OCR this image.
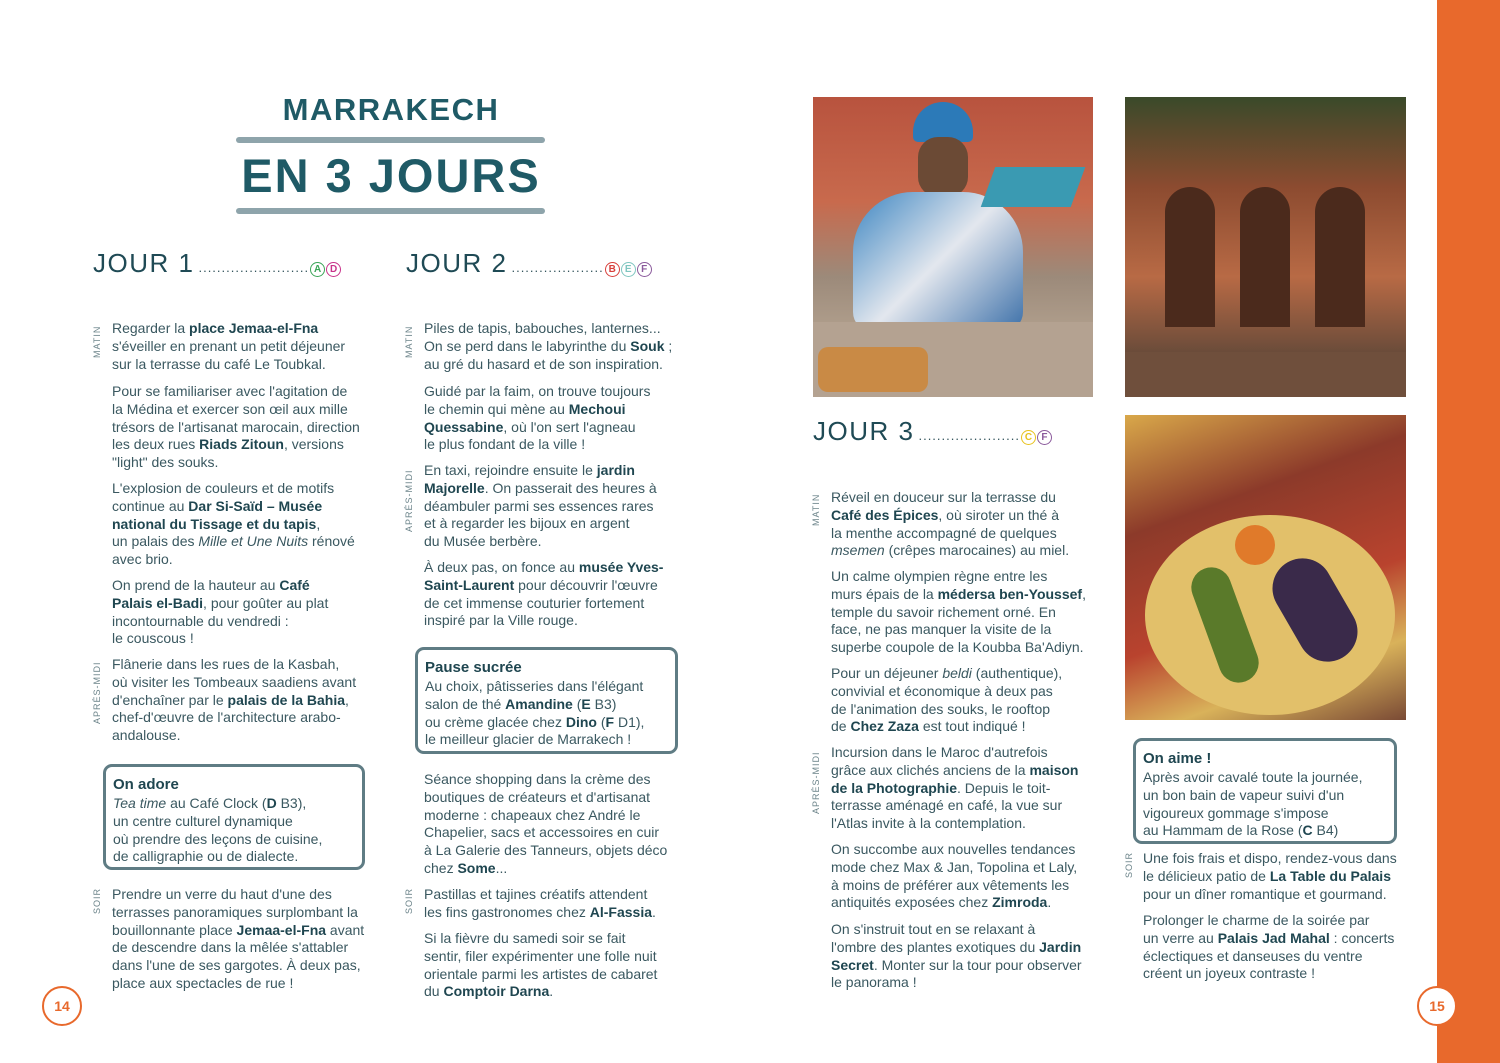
MARRAKECH
EN 3 JOURS
JOUR 1 ........................ A D	JOUR 2 .................... B E F
JOUR 3 ...................... C F
MATIN Regarder la place Jemaa-el-Fna
s'éveiller en prenant un petit déjeuner
sur la terrasse du café Le Toubkal.
Pour se familiariser avec l'agitation de
la Médina et exercer son œil aux mille
trésors de l'artisanat marocain, direction
les deux rues Riads Zitoun, versions
"light" des souks.
L'explosion de couleurs et de motifs
continue au Dar Si-Saïd – Musée
national du Tissage et du tapis,
un palais des Mille et Une Nuits rénové
avec brio.
On prend de la hauteur au Café
Palais el-Badi, pour goûter au plat
incontournable du vendredi :
le couscous !
APRÈS-MIDI Flânerie dans les rues de la Kasbah,
où visiter les Tombeaux saadiens avant
d'enchaîner par le palais de la Bahia,
chef-d'œuvre de l'architecture arabo-
andalouse.
On adore
Tea time au Café Clock (D B3),
un centre culturel dynamique
où prendre des leçons de cuisine,
de calligraphie ou de dialecte.
SOIR Prendre un verre du haut d'une des
terrasses panoramiques surplombant la
bouillonnante place Jemaa-el-Fna avant
de descendre dans la mêlée s'attabler
dans l'une de ses gargotes. À deux pas,
place aux spectacles de rue !
MATIN Piles de tapis, babouches, lanternes...
On se perd dans le labyrinthe du Souk ;
au gré du hasard et de son inspiration.
Guidé par la faim, on trouve toujours
le chemin qui mène au Mechoui
Quessabine, où l'on sert l'agneau
le plus fondant de la ville !
APRÈS-MIDI En taxi, rejoindre ensuite le jardin
Majorelle. On passerait des heures à
déambuler parmi ses essences rares
et à regarder les bijoux en argent
du Musée berbère.
À deux pas, on fonce au musée Yves-
Saint-Laurent pour découvrir l'œuvre
de cet immense couturier fortement
inspiré par la Ville rouge.
Pause sucrée
Au choix, pâtisseries dans l'élégant
salon de thé Amandine (E B3)
ou crème glacée chez Dino (F D1),
le meilleur glacier de Marrakech !
Séance shopping dans la crème des
boutiques de créateurs et d'artisanat
moderne : chapeaux chez André le
Chapelier, sacs et accessoires en cuir
à La Galerie des Tanneurs, objets déco
chez Some...
SOIR Pastillas et tajines créatifs attendent
les fins gastronomes chez Al-Fassia.
Si la fièvre du samedi soir se fait
sentir, filer expérimenter une folle nuit
orientale parmi les artistes de cabaret
du Comptoir Darna.
MATIN Réveil en douceur sur la terrasse du
Café des Épices, où siroter un thé à
la menthe accompagné de quelques
msemen (crêpes marocaines) au miel.
Un calme olympien règne entre les
murs épais de la médersa ben-Youssef,
temple du savoir richement orné. En
face, ne pas manquer la visite de la
superbe coupole de la Koubba Ba'Adiyn.
Pour un déjeuner beldi (authentique),
convivial et économique à deux pas
de l'animation des souks, le rooftop
de Chez Zaza est tout indiqué !
APRÈS-MIDI Incursion dans le Maroc d'autrefois
grâce aux clichés anciens de la maison
de la Photographie. Depuis le toit-
terrasse aménagé en café, la vue sur
l'Atlas invite à la contemplation.
On succombe aux nouvelles tendances
mode chez Max & Jan, Topolina et Laly,
à moins de préférer aux vêtements les
antiquités exposées chez Zimroda.
On s'instruit tout en se relaxant à
l'ombre des plantes exotiques du Jardin
Secret. Monter sur la tour pour observer
le panorama !
On aime !
Après avoir cavalé toute la journée,
un bon bain de vapeur suivi d'un
vigoureux gommage s'impose
au Hammam de la Rose (C B4)
SOIR Une fois frais et dispo, rendez-vous dans
le délicieux patio de La Table du Palais
pour un dîner romantique et gourmand.
Prolonger le charme de la soirée par
un verre au Palais Jad Mahal : concerts
éclectiques et danseuses du ventre
créent un joyeux contraste !
14	15
